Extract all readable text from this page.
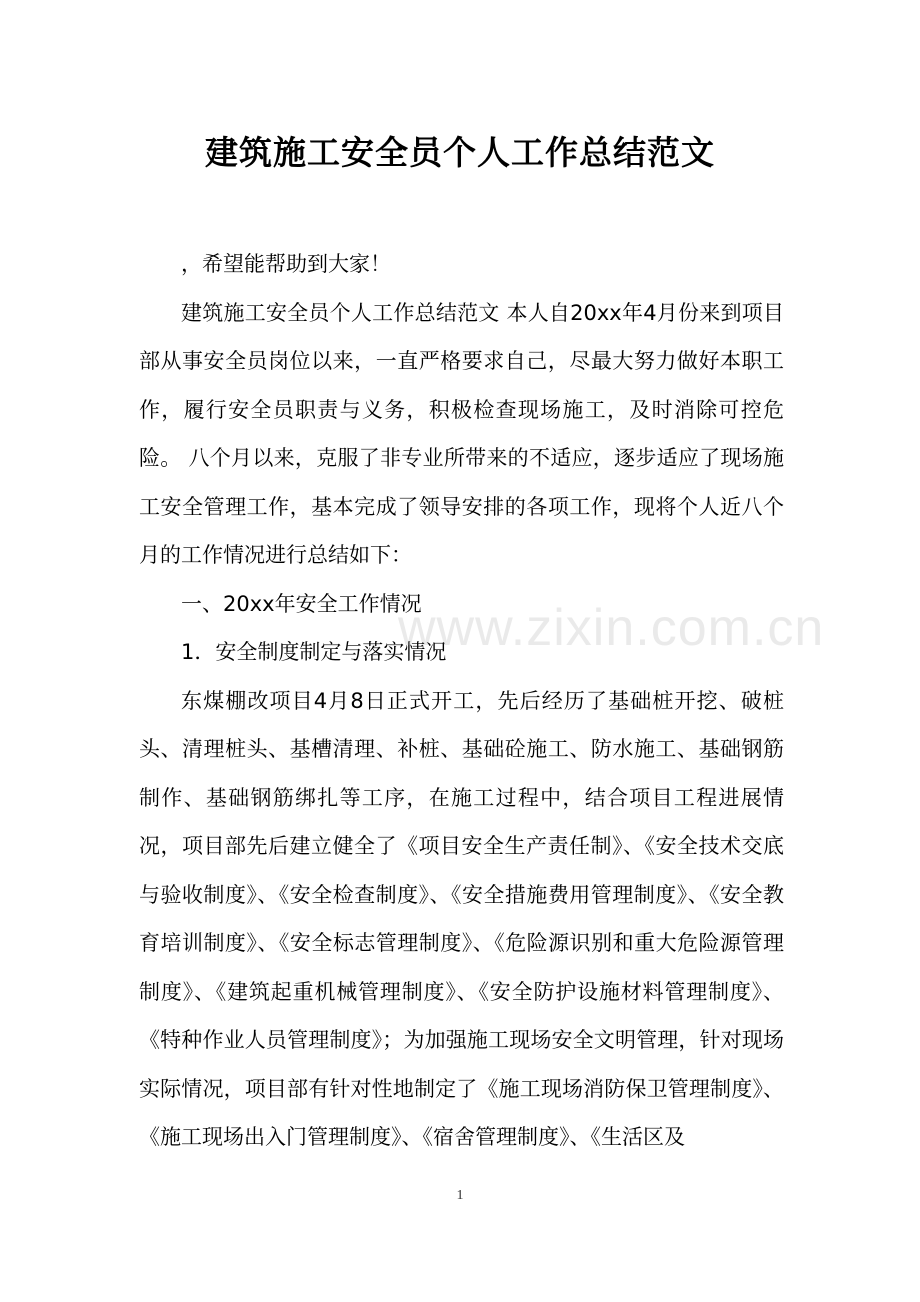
建筑施工安全员个人工作总结范文

，希望能帮助到大家！

建筑施工安全员个人工作总结范文 本人自20xx年4月份来到项目部从事安全员岗位以来，一直严格要求自己，尽最大努力做好本职工作，履行安全员职责与义务，积极检查现场施工，及时消除可控危险。 八个月以来，克服了非专业所带来的不适应，逐步适应了现场施工安全管理工作，基本完成了领导安排的各项工作，现将个人近八个月的工作情况进行总结如下：

一、20xx年安全工作情况

1．安全制度制定与落实情况

东煤棚改项目4月8日正式开工，先后经历了基础桩开挖、破桩头、清理桩头、基槽清理、补桩、基础砼施工、防水施工、基础钢筋制作、基础钢筋绑扎等工序，在施工过程中，结合项目工程进展情况，项目部先后建立健全了《项目安全生产责任制》、《安全技术交底与验收制度》、《安全检查制度》、《安全措施费用管理制度》、《安全教育培训制度》、《安全标志管理制度》、《危险源识别和重大危险源管理制度》、《建筑起重机械管理制度》、《安全防护设施材料管理制度》、《特种作业人员管理制度》；为加强施工现场安全文明管理，针对现场实际情况，项目部有针对性地制定了《施工现场消防保卫管理制度》、《施工现场出入门管理制度》、《宿舍管理制度》、《生活区及

www.zixin.com.cn
1
